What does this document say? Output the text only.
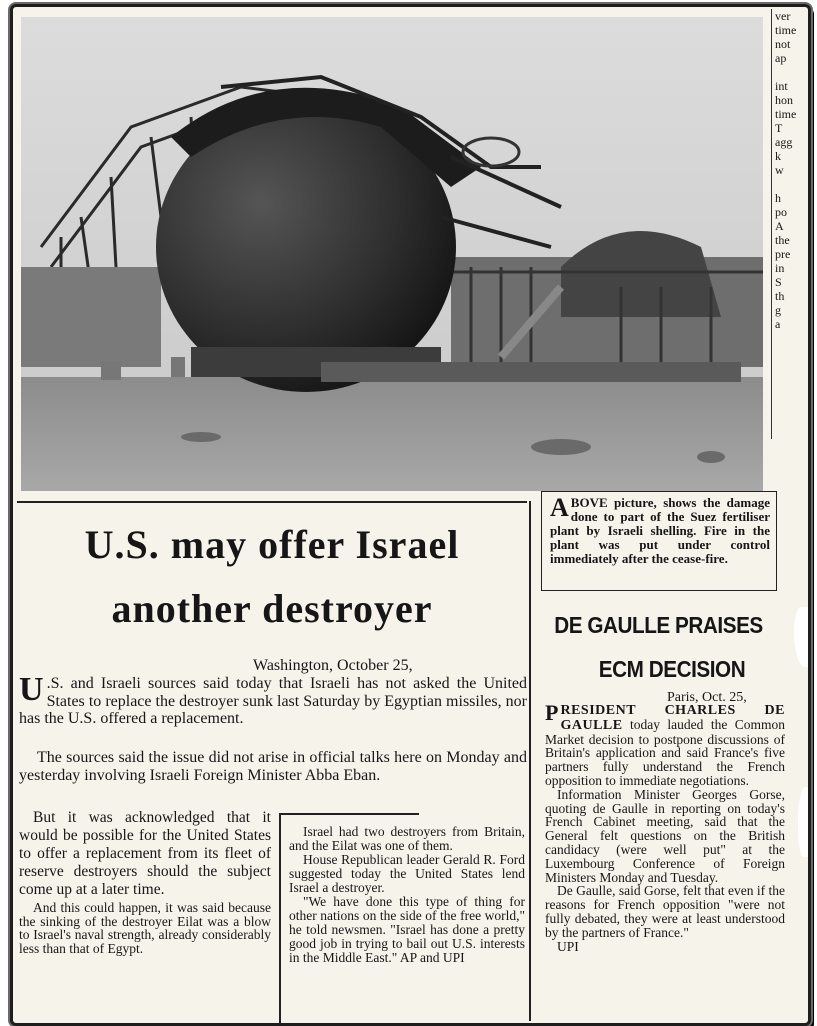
ver

time

not

ap

int

hon

time

T

agg

k

w

h

po

A

the

pre

in

S

th

g

a

U.S. may offer Israel
another destroyer

Washington, October 25,

U .S. and Israeli sources said today that Israeli has not asked the United States to replace the destroyer sunk last Saturday by Egyptian missiles, nor has the U.S. offered a replacement.

The sources said the issue did not arise in official talks here on Monday and yesterday involving Israeli Foreign Minister Abba Eban.

But it was acknowledged that it would be possible for the United States to offer a replacement from its fleet of reserve destroyers should the subject come up at a later time.

And this could happen, it was said because the sinking of the destroyer Eilat was a blow to Israel's naval strength, already considerably less than that of Egypt.

Israel had two destroyers from Britain, and the Eilat was one of them.

House Republican leader Gerald R. Ford suggested today the United States lend Israel a destroyer.

"We have done this type of thing for other nations on the side of the free world," he told newsmen. "Israel has done a pretty good job in trying to bail out U.S. interests in the Middle East." AP and UPI

ABOVE picture, shows the damage done to part of the Suez fertiliser plant by Israeli shelling. Fire in the plant was put under control immediately after the cease-fire.
DE GAULLE PRAISES
ECM DECISION

Paris, Oct. 25,

PRESIDENT CHARLES DE GAULLE today lauded the Common Market decision to postpone discussions of Britain's application and said France's five partners fully understand the French opposition to immediate negotiations.

Information Minister Georges Gorse, quoting de Gaulle in reporting on today's French Cabinet meeting, said that the General felt questions on the British candidacy (were well put" at the Luxembourg Conference of Foreign Ministers Monday and Tuesday.

De Gaulle, said Gorse, felt that even if the reasons for French opposition "were not fully debated, they were at least understood by the partners of France."

UPI
